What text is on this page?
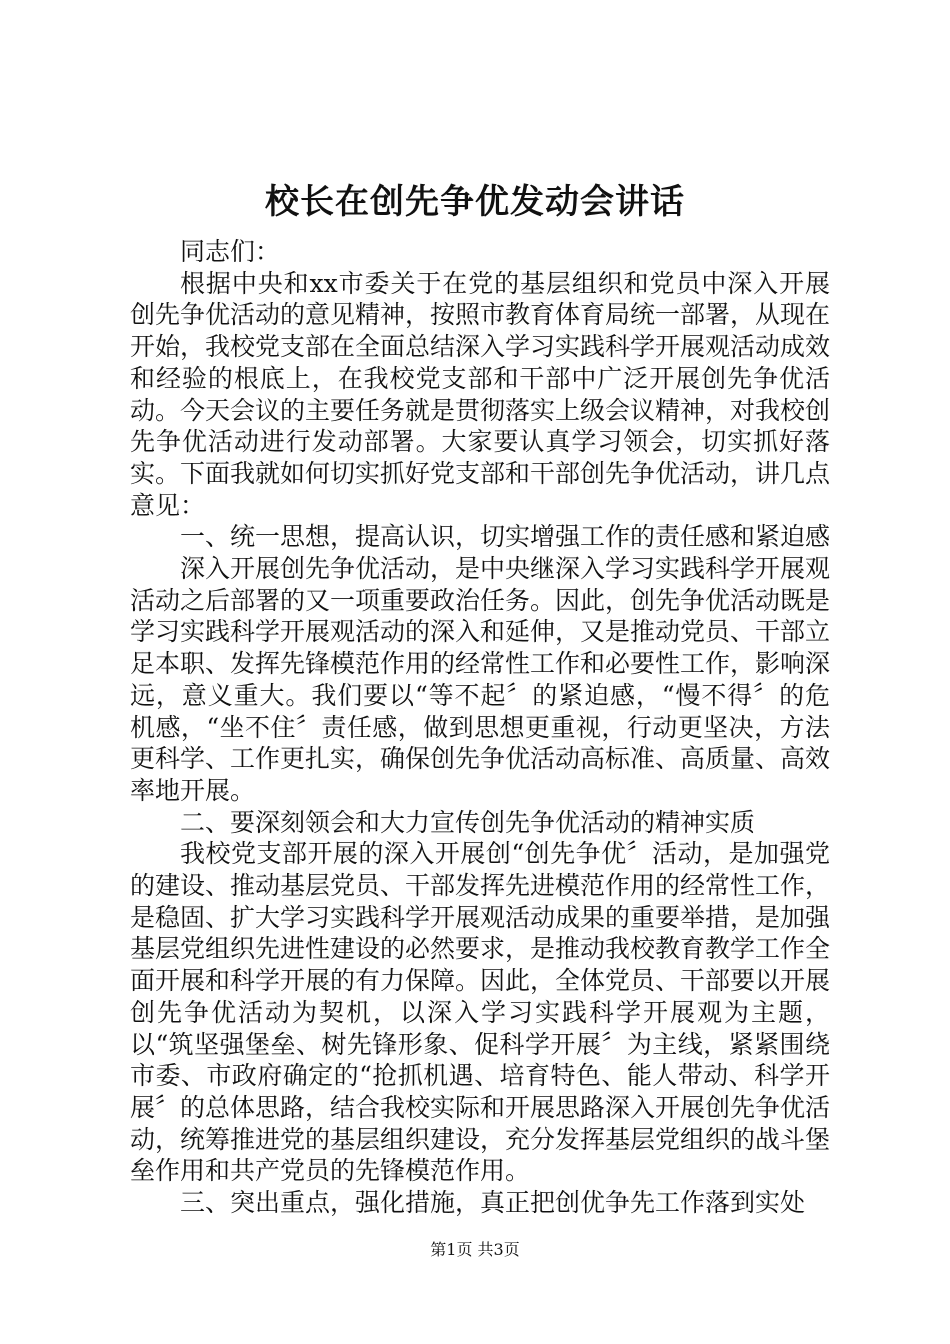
校长在创先争优发动会讲话

同志们：

根据中央和xx市委关于在党的基层组织和党员中深入开展创先争优活动的意见精神，按照市教育体育局统一部署，从现在开始，我校党支部在全面总结深入学习实践科学开展观活动成效和经验的根底上，在我校党支部和干部中广泛开展创先争优活动。今天会议的主要任务就是贯彻落实上级会议精神，对我校创先争优活动进行发动部署。大家要认真学习领会，切实抓好落实。下面我就如何切实抓好党支部和干部创先争优活动，讲几点意见：

一、统一思想，提高认识，切实增强工作的责任感和紧迫感

深入开展创先争优活动，是中央继深入学习实践科学开展观活动之后部署的又一项重要政治任务。因此，创先争优活动既是学习实践科学开展观活动的深入和延伸，又是推动党员、干部立足本职、发挥先锋模范作用的经常性工作和必要性工作，影响深远，意义重大。我们要以“等不起〞的紧迫感，“慢不得〞的危机感，“坐不住〞责任感，做到思想更重视，行动更坚决，方法更科学、工作更扎实，确保创先争优活动高标准、高质量、高效率地开展。

二、要深刻领会和大力宣传创先争优活动的精神实质

我校党支部开展的深入开展创“创先争优〞活动，是加强党的建设、推动基层党员、干部发挥先进模范作用的经常性工作，是稳固、扩大学习实践科学开展观活动成果的重要举措，是加强基层党组织先进性建设的必然要求，是推动我校教育教学工作全面开展和科学开展的有力保障。因此，全体党员、干部要以开展创先争优活动为契机，以深入学习实践科学开展观为主题，以“筑坚强堡垒、树先锋形象、促科学开展〞为主线，紧紧围绕市委、市政府确定的“抢抓机遇、培育特色、能人带动、科学开展〞的总体思路，结合我校实际和开展思路深入开展创先争优活动，统筹推进党的基层组织建设，充分发挥基层党组织的战斗堡垒作用和共产党员的先锋模范作用。

三、突出重点，强化措施，真正把创优争先工作落到实处

第1页 共3页
